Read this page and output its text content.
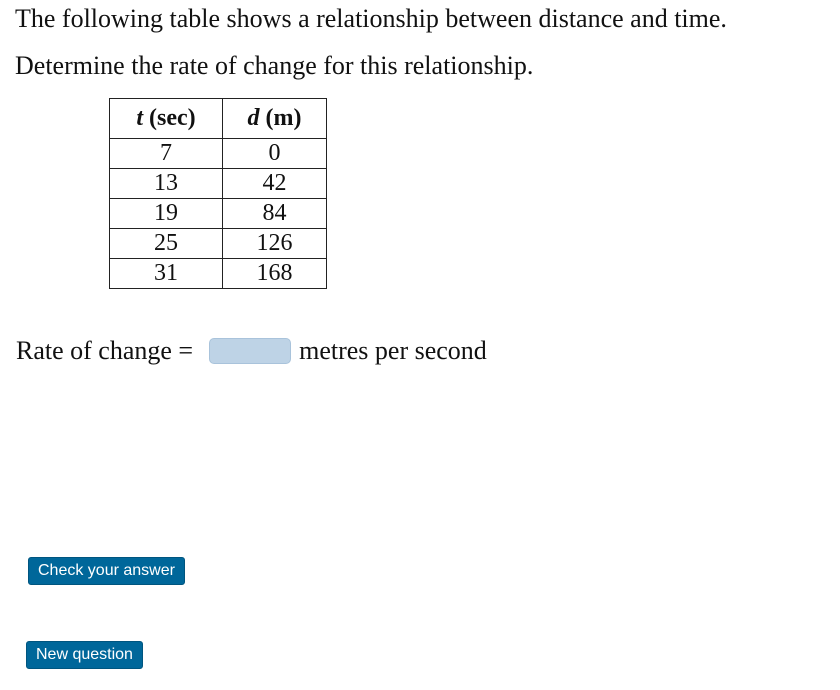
The following table shows a relationship between distance and time.
Determine the rate of change for this relationship.
t (sec)	d (m)
7	0
13	42
19	84
25	126
31	168
Rate of change =	metres per second
Check your answer
New question
